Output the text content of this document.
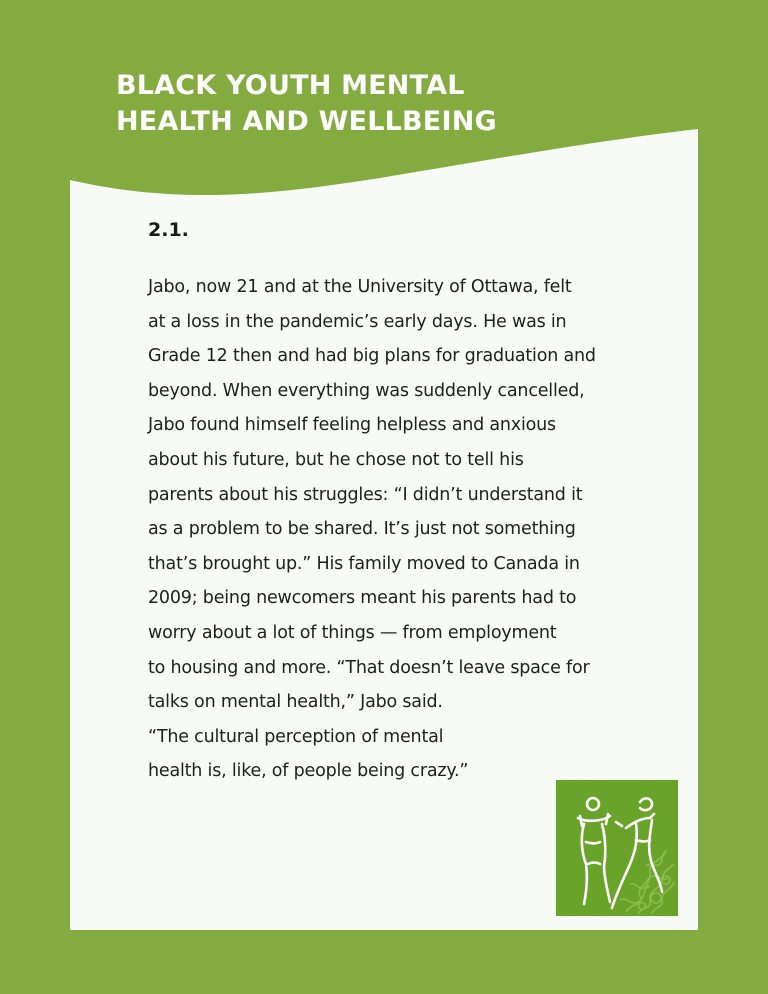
BLACK YOUTH MENTAL
HEALTH AND WELLBEING
2.1.
Jabo, now 21 and at the University of Ottawa, felt
at a loss in the pandemic’s early days. He was in
Grade 12 then and had big plans for graduation and
beyond. When everything was suddenly cancelled,
Jabo found himself feeling helpless and anxious
about his future, but he chose not to tell his
parents about his struggles: “I didn’t understand it
as a problem to be shared. It’s just not something
that’s brought up.” His family moved to Canada in
2009; being newcomers meant his parents had to
worry about a lot of things — from employment
to housing and more. “That doesn’t leave space for
talks on mental health,” Jabo said.
“The cultural perception of mental
health is, like, of people being crazy.”
